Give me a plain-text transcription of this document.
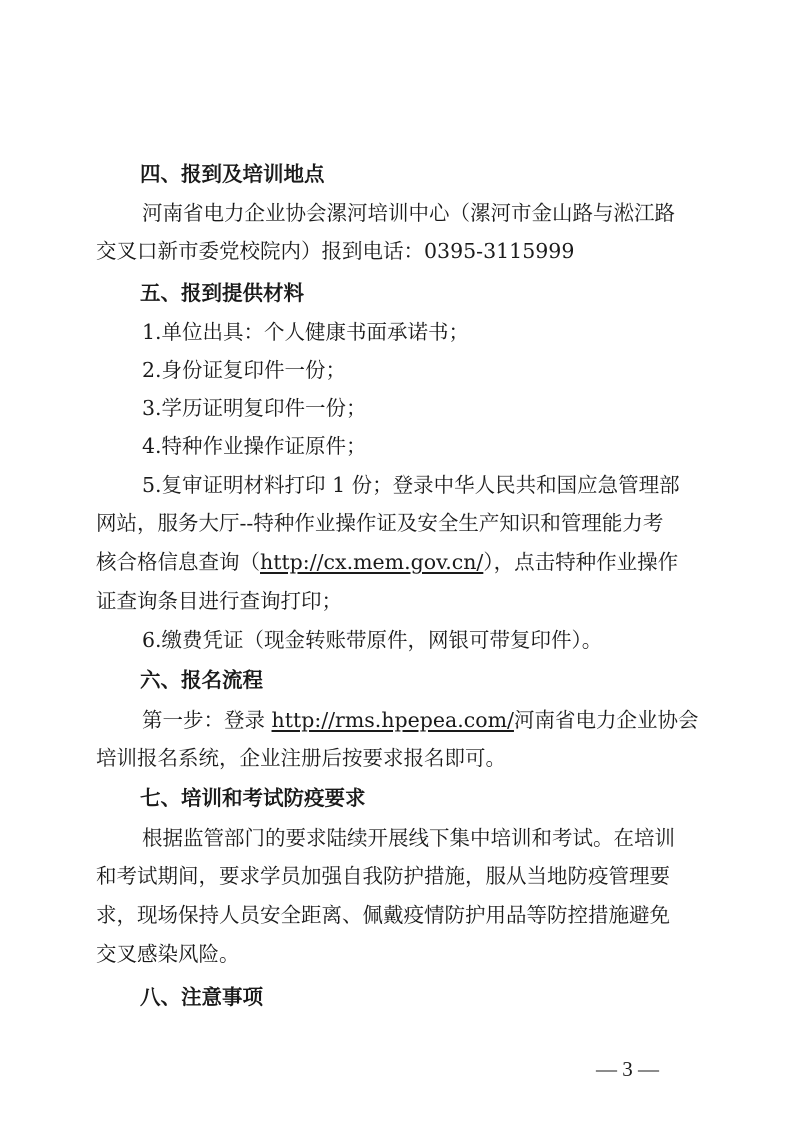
四、报到及培训地点
河南省电力企业协会漯河培训中心（漯河市金山路与淞江路
交叉口新市委党校院内）报到电话：0395-3115999
五、报到提供材料
1.单位出具：个人健康书面承诺书；
2.身份证复印件一份；
3.学历证明复印件一份；
4.特种作业操作证原件；
5.复审证明材料打印 1 份；登录中华人民共和国应急管理部
网站，服务大厅--特种作业操作证及安全生产知识和管理能力考
核合格信息查询（http://cx.mem.gov.cn/），点击特种作业操作
证查询条目进行查询打印；
6.缴费凭证（现金转账带原件，网银可带复印件）。
六、报名流程
第一步：登录 http://rms.hpepea.com/河南省电力企业协会
培训报名系统，企业注册后按要求报名即可。
七、培训和考试防疫要求
根据监管部门的要求陆续开展线下集中培训和考试。在培训
和考试期间，要求学员加强自我防护措施，服从当地防疫管理要
求，现场保持人员安全距离、佩戴疫情防护用品等防控措施避免
交叉感染风险。
八、注意事项
— 3 —
